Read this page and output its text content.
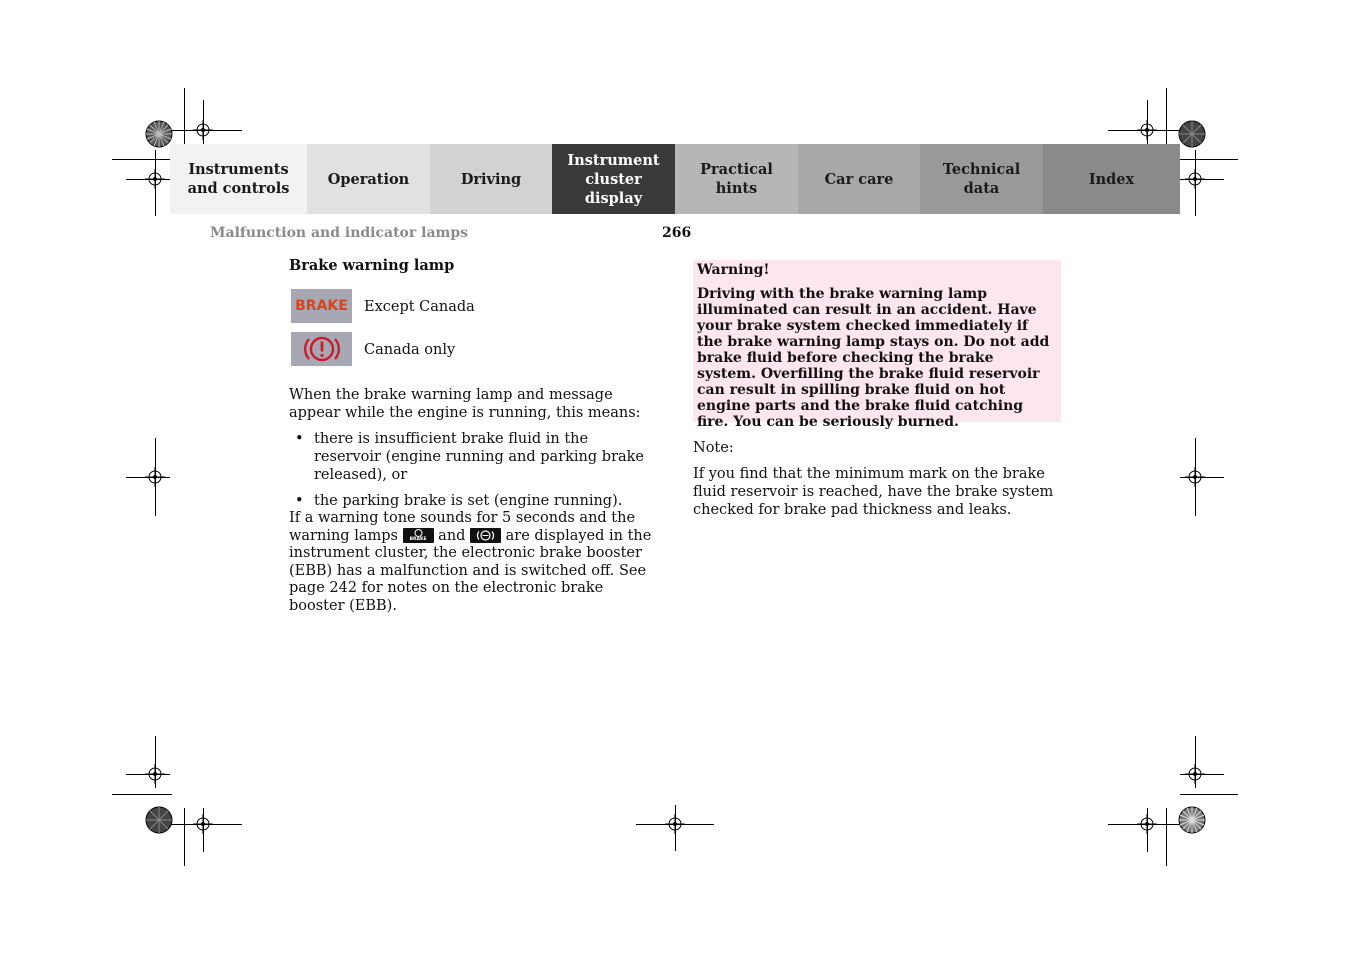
Instruments
and controls
Operation	Driving
Instrument
cluster display
Practical hints
Car care
Technical
data
Index
Malfunction and indicator lamps	266
Brake warning lamp
BRAKE Except Canada
Canada only
When the brake warning lamp and message appear while the engine is running, this means:
• there is insufficient brake fluid in the reservoir (engine running and parking brake released), or
• the parking brake is set (engine running).
If a warning tone sounds for 5 seconds and the warning lamps	BRAKE and	are displayed in the instrument cluster, the electronic brake booster (EBB) has a malfunction and is switched off. See page 242 for notes on the electronic brake booster (EBB).
Warning!
Driving with the brake warning lamp illuminated can result in an accident. Have your brake system checked immediately if the brake warning lamp stays on. Do not add brake fluid before checking the brake system. Overfilling the brake fluid reservoir can result in spilling brake fluid on hot engine parts and the brake fluid catching fire. You can be seriously burned.
Note:
If you find that the minimum mark on the brake fluid reservoir is reached, have the brake system checked for brake pad thickness and leaks.
